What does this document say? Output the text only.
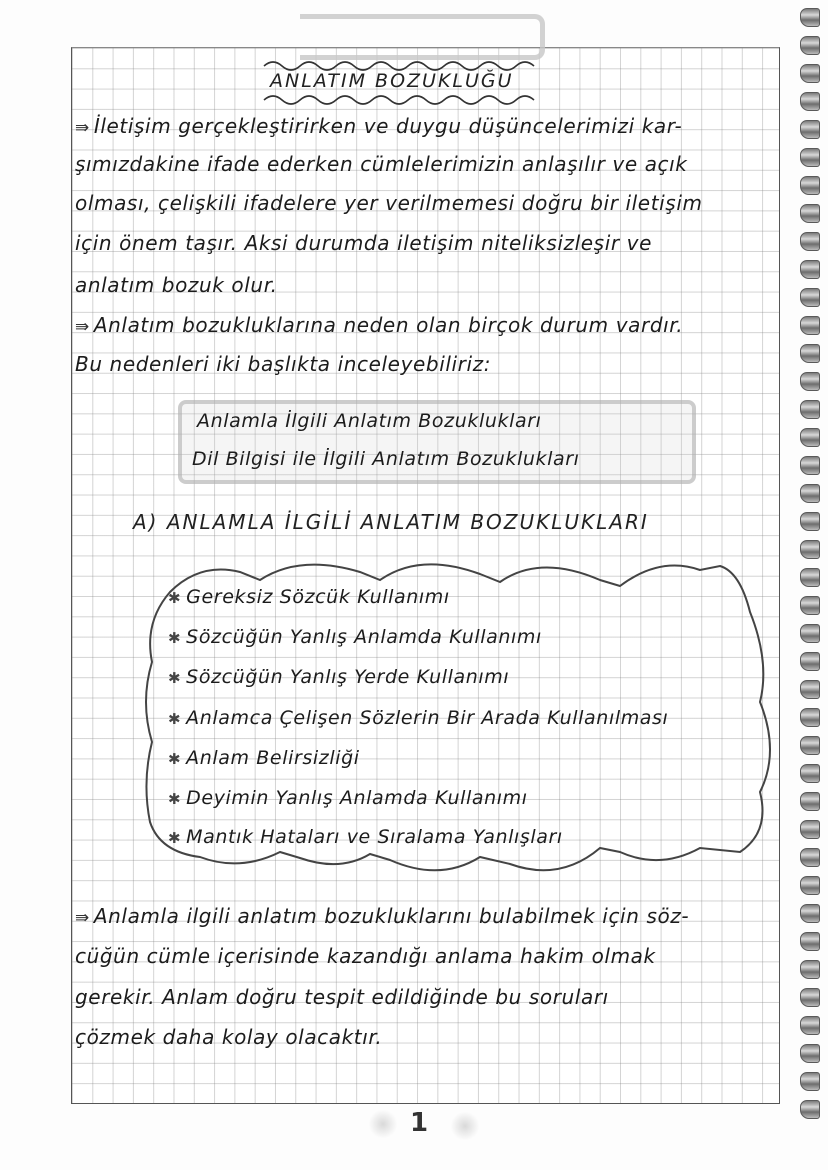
ANLATIM BOZUKLUĞU
⇛ İletişim gerçekleştirirken ve duygu düşüncelerimizi kar-
şımızdakine ifade ederken cümlelerimizin anlaşılır ve açık
olması, çelişkili ifadelere yer verilmemesi doğru bir iletişim
için önem taşır. Aksi durumda iletişim niteliksizleşir ve
anlatım bozuk olur.
⇛ Anlatım bozukluklarına neden olan birçok durum vardır.
Bu nedenleri iki başlıkta inceleyebiliriz:
Anlamla İlgili Anlatım Bozuklukları
Dil Bilgisi ile İlgili Anlatım Bozuklukları
A) ANLAMLA İLGİLİ ANLATIM BOZUKLUKLARI
✱ Gereksiz Sözcük Kullanımı
✱ Sözcüğün Yanlış Anlamda Kullanımı
✱ Sözcüğün Yanlış Yerde Kullanımı
✱ Anlamca Çelişen Sözlerin Bir Arada Kullanılması
✱ Anlam Belirsizliği
✱ Deyimin Yanlış Anlamda Kullanımı
✱ Mantık Hataları ve Sıralama Yanlışları
⇛ Anlamla ilgili anlatım bozukluklarını bulabilmek için söz-
cüğün cümle içerisinde kazandığı anlama hakim olmak
gerekir. Anlam doğru tespit edildiğinde bu soruları
çözmek daha kolay olacaktır.
1
